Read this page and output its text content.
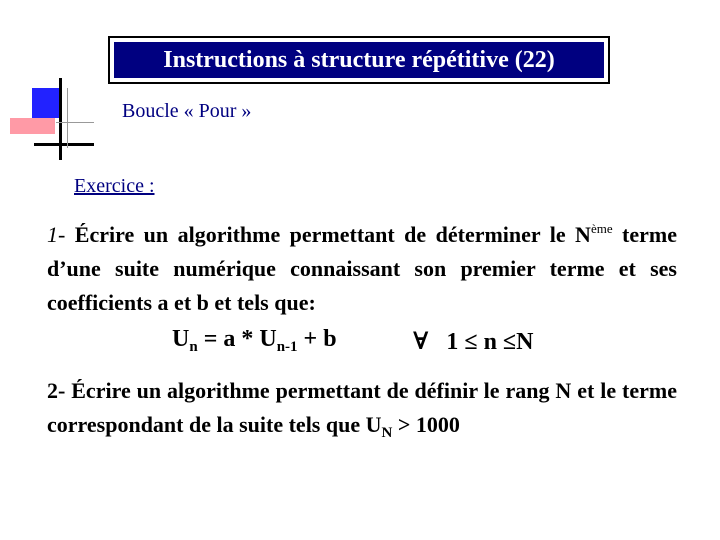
Instructions à structure répétitive (22)
Boucle « Pour »
Exercice :
1- Écrire un algorithme permettant de déterminer le $N^{ème}$ terme d’une suite numérique connaissant son premier terme et ses coefficients a et b et tels que:
$U_n = a * U_{n-1} + b$	∀ 1 ≤ n ≤N
2- Écrire un algorithme permettant de définir le rang N et le terme correspondant de la suite tels que $U_N > 1000$
